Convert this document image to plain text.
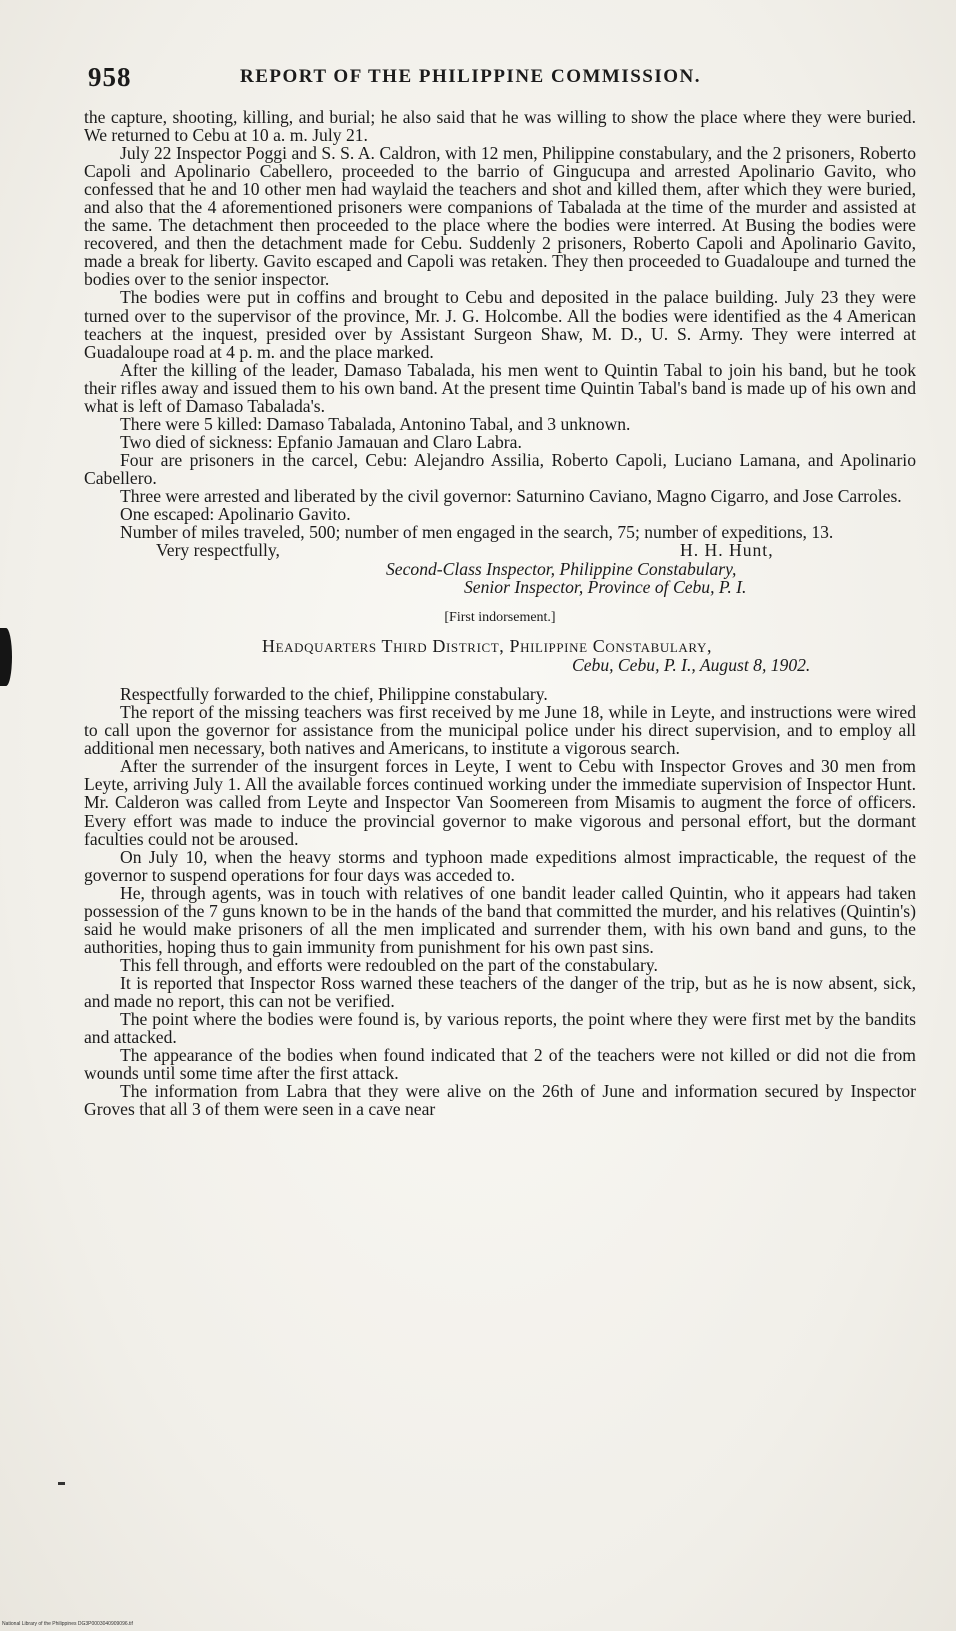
958	REPORT OF THE PHILIPPINE COMMISSION.

the capture, shooting, killing, and burial; he also said that he was willing to show the place where they were buried. We returned to Cebu at 10 a. m. July 21.

July 22 Inspector Poggi and S. S. A. Caldron, with 12 men, Philippine constabulary, and the 2 prisoners, Roberto Capoli and Apolinario Cabellero, proceeded to the barrio of Gingucupa and arrested Apolinario Gavito, who confessed that he and 10 other men had waylaid the teachers and shot and killed them, after which they were buried, and also that the 4 aforementioned prisoners were companions of Tabalada at the time of the murder and assisted at the same. The detachment then proceeded to the place where the bodies were interred. At Busing the bodies were recovered, and then the detachment made for Cebu. Suddenly 2 prisoners, Roberto Capoli and Apolinario Gavito, made a break for liberty. Gavito escaped and Capoli was retaken. They then proceeded to Guadaloupe and turned the bodies over to the senior inspector.

The bodies were put in coffins and brought to Cebu and deposited in the palace building. July 23 they were turned over to the supervisor of the province, Mr. J. G. Holcombe. All the bodies were identified as the 4 American teachers at the inquest, presided over by Assistant Surgeon Shaw, M. D., U. S. Army. They were interred at Guadaloupe road at 4 p. m. and the place marked.

After the killing of the leader, Damaso Tabalada, his men went to Quintin Tabal to join his band, but he took their rifles away and issued them to his own band. At the present time Quintin Tabal's band is made up of his own and what is left of Damaso Tabalada's.

There were 5 killed: Damaso Tabalada, Antonino Tabal, and 3 unknown.

Two died of sickness: Epfanio Jamauan and Claro Labra.

Four are prisoners in the carcel, Cebu: Alejandro Assilia, Roberto Capoli, Luciano Lamana, and Apolinario Cabellero.

Three were arrested and liberated by the civil governor: Saturnino Caviano, Magno Cigarro, and Jose Carroles.

One escaped: Apolinario Gavito.

Number of miles traveled, 500; number of men engaged in the search, 75; number of expeditions, 13.

Very respectfully,	H. H. Hunt,
Second-Class Inspector, Philippine Constabulary,
Senior Inspector, Province of Cebu, P. I.
[First indorsement.]
Headquarters Third District, Philippine Constabulary,
Cebu, Cebu, P. I., August 8, 1902.

Respectfully forwarded to the chief, Philippine constabulary.

The report of the missing teachers was first received by me June 18, while in Leyte, and instructions were wired to call upon the governor for assistance from the municipal police under his direct supervision, and to employ all additional men necessary, both natives and Americans, to institute a vigorous search.

After the surrender of the insurgent forces in Leyte, I went to Cebu with Inspector Groves and 30 men from Leyte, arriving July 1. All the available forces continued working under the immediate supervision of Inspector Hunt. Mr. Calderon was called from Leyte and Inspector Van Soomereen from Misamis to augment the force of officers. Every effort was made to induce the provincial governor to make vigorous and personal effort, but the dormant faculties could not be aroused.

On July 10, when the heavy storms and typhoon made expeditions almost impracticable, the request of the governor to suspend operations for four days was acceded to.

He, through agents, was in touch with relatives of one bandit leader called Quintin, who it appears had taken possession of the 7 guns known to be in the hands of the band that committed the murder, and his relatives (Quintin's) said he would make prisoners of all the men implicated and surrender them, with his own band and guns, to the authorities, hoping thus to gain immunity from punishment for his own past sins.

This fell through, and efforts were redoubled on the part of the constabulary.

It is reported that Inspector Ross warned these teachers of the danger of the trip, but as he is now absent, sick, and made no report, this can not be verified.

The point where the bodies were found is, by various reports, the point where they were first met by the bandits and attacked.

The appearance of the bodies when found indicated that 2 of the teachers were not killed or did not die from wounds until some time after the first attack.

The information from Labra that they were alive on the 26th of June and information secured by Inspector Groves that all 3 of them were seen in a cave near

National Library of the Philippines DG3P0003040909096.tif
